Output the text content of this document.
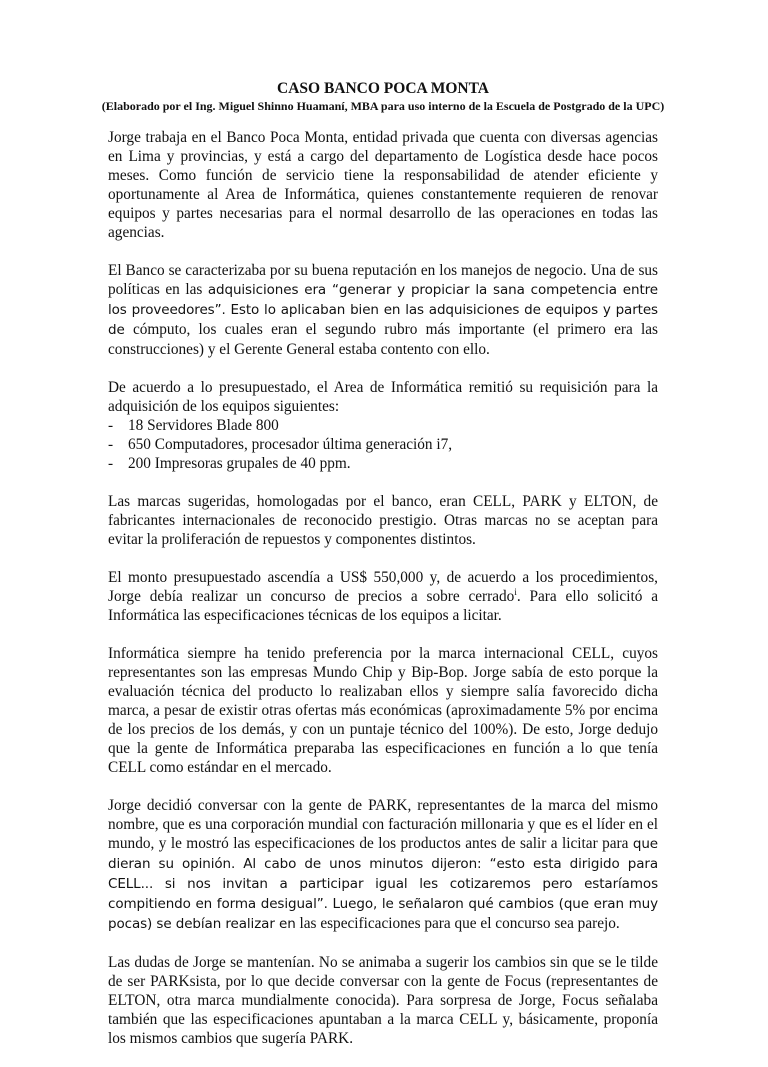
CASO BANCO POCA MONTA
(Elaborado por el Ing. Miguel Shinno Huamaní, MBA para uso interno de la Escuela de Postgrado de la UPC)

Jorge trabaja en el Banco Poca Monta, entidad privada que cuenta con diversas agencias en Lima y provincias, y está a cargo del departamento de Logística desde hace pocos meses. Como función de servicio tiene la responsabilidad de atender eficiente y oportunamente al Area de Informática, quienes constantemente requieren de renovar equipos y partes necesarias para el normal desarrollo de las operaciones en todas las agencias.

El Banco se caracterizaba por su buena reputación en los manejos de negocio. Una de sus políticas en las adquisiciones era “generar y propiciar la sana competencia entre los proveedores”. Esto lo aplicaban bien en las adquisiciones de equipos y partes de cómputo, los cuales eran el segundo rubro más importante (el primero era las construcciones) y el Gerente General estaba contento con ello.

De acuerdo a lo presupuestado, el Area de Informática remitió su requisición para la adquisición de los equipos siguientes:

- 18 Servidores Blade 800
- 650 Computadores, procesador última generación i7,
- 200 Impresoras grupales de 40 ppm.

Las marcas sugeridas, homologadas por el banco, eran CELL, PARK y ELTON, de fabricantes internacionales de reconocido prestigio. Otras marcas no se aceptan para evitar la proliferación de repuestos y componentes distintos.

El monto presupuestado ascendía a US$ 550,000 y, de acuerdo a los procedimientos, Jorge debía realizar un concurso de precios a sobre cerrado$^i$. Para ello solicitó a Informática las especificaciones técnicas de los equipos a licitar.

Informática siempre ha tenido preferencia por la marca internacional CELL, cuyos representantes son las empresas Mundo Chip y Bip-Bop. Jorge sabía de esto porque la evaluación técnica del producto lo realizaban ellos y siempre salía favorecido dicha marca, a pesar de existir otras ofertas más económicas (aproximadamente 5% por encima de los precios de los demás, y con un puntaje técnico del 100%). De esto, Jorge dedujo que la gente de Informática preparaba las especificaciones en función a lo que tenía CELL como estándar en el mercado.

Jorge decidió conversar con la gente de PARK, representantes de la marca del mismo nombre, que es una corporación mundial con facturación millonaria y que es el líder en el mundo, y le mostró las especificaciones de los productos antes de salir a licitar para que dieran su opinión. Al cabo de unos minutos dijeron: “esto esta dirigido para CELL... si nos invitan a participar igual les cotizaremos pero estaríamos compitiendo en forma desigual”. Luego, le señalaron qué cambios (que eran muy pocas) se debían realizar en las especificaciones para que el concurso sea parejo.

Las dudas de Jorge se mantenían. No se animaba a sugerir los cambios sin que se le tilde de ser PARKsista, por lo que decide conversar con la gente de Focus (representantes de ELTON, otra marca mundialmente conocida). Para sorpresa de Jorge, Focus señalaba también que las especificaciones apuntaban a la marca CELL y, básicamente, proponía los mismos cambios que sugería PARK.
